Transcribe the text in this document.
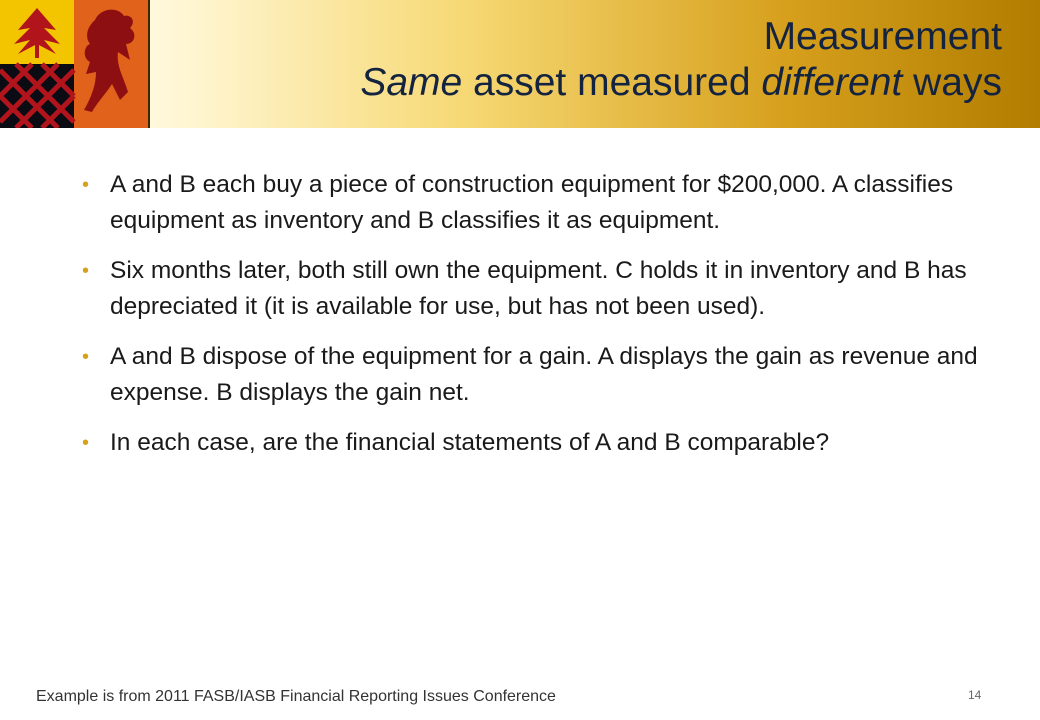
Measurement
Same asset measured different ways
• A and B each buy a piece of construction equipment for $200,000. A classifies equipment as inventory and B classifies it as equipment.
• Six months later, both still own the equipment. C holds it in inventory and B has depreciated it (it is available for use, but has not been used).
• A and B dispose of the equipment for a gain. A displays the gain as revenue and expense. B displays the gain net.
• In each case, are the financial statements of A and B comparable?
Example is from 2011 FASB/IASB Financial Reporting Issues Conference	14
